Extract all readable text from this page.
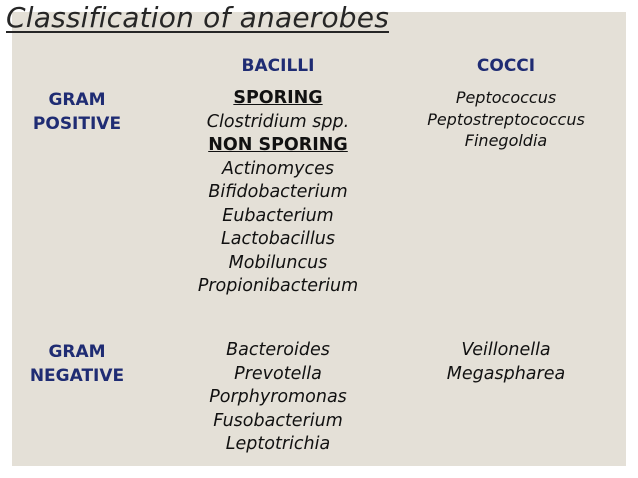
Classification of anaerobes
BACILLI	COCCI
GRAM
POSITIVE
SPORING
Clostridium spp.
NON SPORING
Actinomyces
Bifidobacterium
Eubacterium
Lactobacillus
Mobiluncus
Propionibacterium
Peptococcus
Peptostreptococcus
Finegoldia
GRAM
NEGATIVE
Bacteroides
Prevotella
Porphyromonas
Fusobacterium
Leptotrichia
Veillonella
Megaspharea
